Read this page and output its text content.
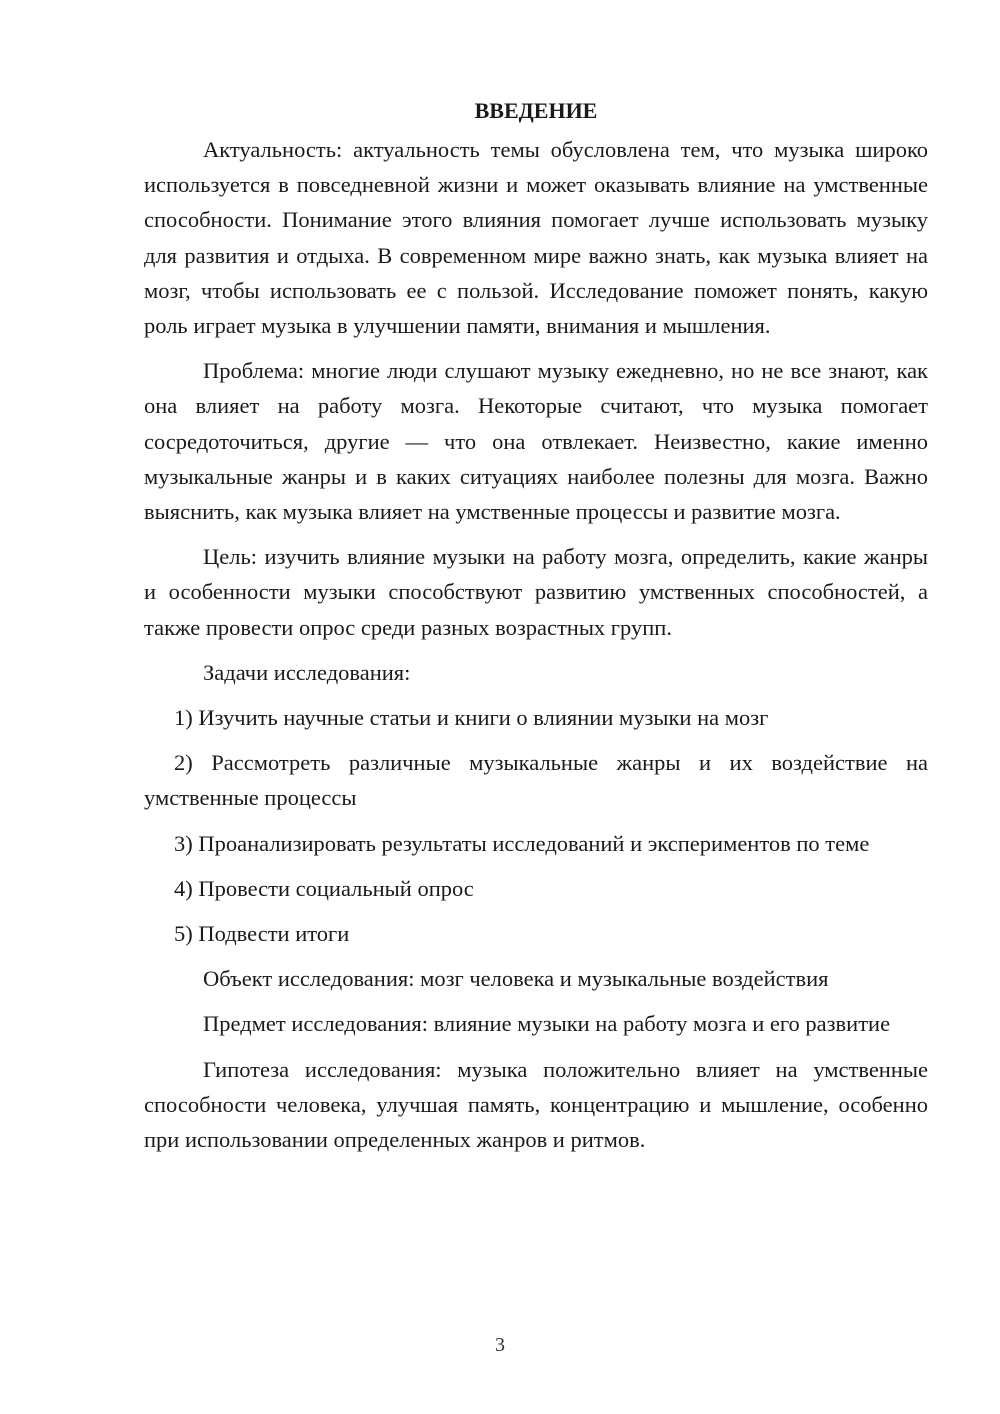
ВВЕДЕНИЕ

Актуальность: актуальность темы обусловлена тем, что музыка широко используется в повседневной жизни и может оказывать влияние на умственные способности. Понимание этого влияния помогает лучше использовать музыку для развития и отдыха. В современном мире важно знать, как музыка влияет на мозг, чтобы использовать ее с пользой. Исследование поможет понять, какую роль играет музыка в улучшении памяти, внимания и мышления.

Проблема: многие люди слушают музыку ежедневно, но не все знают, как она влияет на работу мозга. Некоторые считают, что музыка помогает сосредоточиться, другие — что она отвлекает. Неизвестно, какие именно музыкальные жанры и в каких ситуациях наиболее полезны для мозга. Важно выяснить, как музыка влияет на умственные процессы и развитие мозга.

Цель: изучить влияние музыки на работу мозга, определить, какие жанры и особенности музыки способствуют развитию умственных способностей, а также провести опрос среди разных возрастных групп.

Задачи исследования:

1) Изучить научные статьи и книги о влиянии музыки на мозг

2) Рассмотреть различные музыкальные жанры и их воздействие на умственные процессы

3) Проанализировать результаты исследований и экспериментов по теме

4) Провести социальный опрос

5) Подвести итоги

Объект исследования: мозг человека и музыкальные воздействия

Предмет исследования: влияние музыки на работу мозга и его развитие

Гипотеза исследования: музыка положительно влияет на умственные способности человека, улучшая память, концентрацию и мышление, особенно при использовании определенных жанров и ритмов.

3
